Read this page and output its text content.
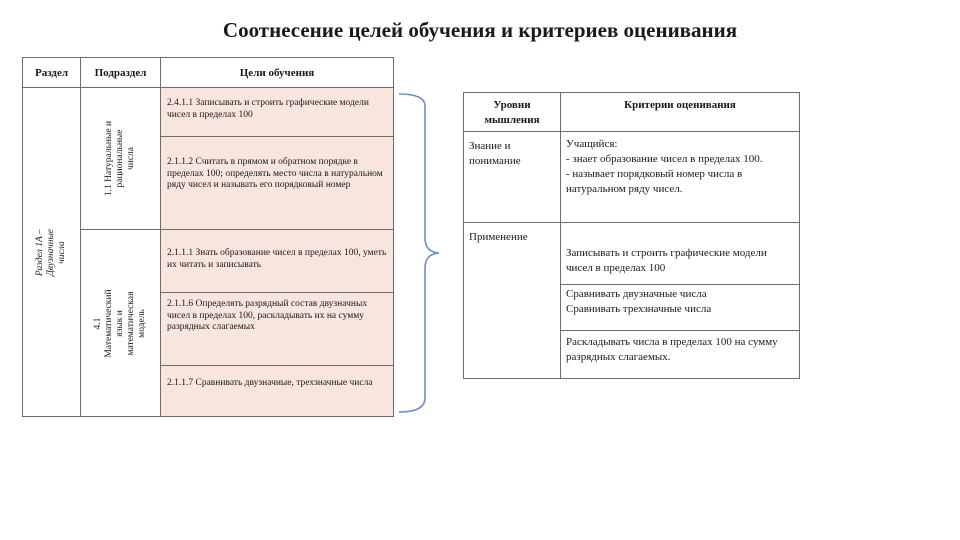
Соотнесение целей обучения и критериев оценивания
Раздел	Подраздел	Цели обучения
Раздел 1А – Двузначные числа
1.1 Натуральные и рациональные числа
4.1 Математический язык и математическая модель
2.4.1.1 Записывать и строить графические модели чисел в пределах 100
2.1.1.2 Считать в прямом и обратном порядке в пределах 100; определять место числа в натуральном ряду чисел и называть его порядковый номер
2.1.1.1 Знать образование чисел в пределах 100, уметь их читать и записывать
2.1.1.6 Определять разрядный состав двузначных чисел в пределах 100, раскладывать их на сумму разрядных слагаемых
2.1.1.7 Сравнивать двузначные, трехзначные числа
Уровни мышления
Критерии оценивания
Знание и понимание
Применение
Учащийся:
- знает образование чисел в пределах 100.
- называет порядковый номер числа в натуральном ряду чисел.
Записывать и строить графические модели чисел в пределах 100
Сравнивать двузначные числа
Сравнивать трехзначные числа
Раскладывать числа в пределах 100 на сумму разрядных слагаемых.
